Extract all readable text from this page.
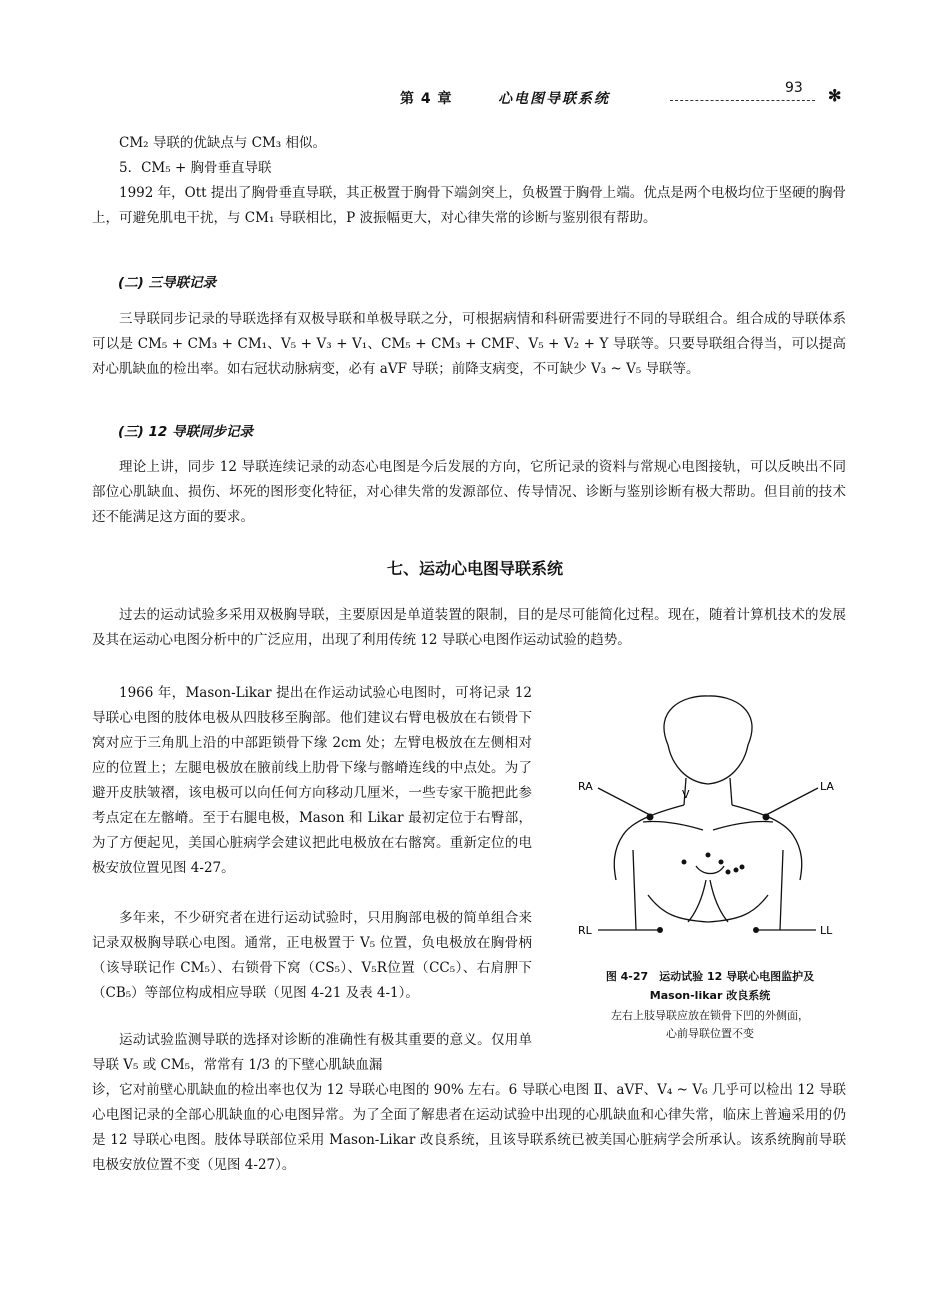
第 4 章	心电图导联系统
93 ✻

CM₂ 导联的优缺点与 CM₃ 相似。

5．CM₅ + 胸骨垂直导联

1992 年，Ott 提出了胸骨垂直导联，其正极置于胸骨下端剑突上，负极置于胸骨上端。优点是两个电极均位于坚硬的胸骨上，可避免肌电干扰，与 CM₁ 导联相比，P 波振幅更大，对心律失常的诊断与鉴别很有帮助。

(二) 三导联记录

三导联同步记录的导联选择有双极导联和单极导联之分，可根据病情和科研需要进行不同的导联组合。组合成的导联体系可以是 CM₅ + CM₃ + CM₁、V₅ + V₃ + V₁、CM₅ + CM₃ + CMF、V₅ + V₂ + Y 导联等。只要导联组合得当，可以提高对心肌缺血的检出率。如右冠状动脉病变，必有 aVF 导联；前降支病变，不可缺少 V₃ ~ V₅ 导联等。

(三) 12 导联同步记录

理论上讲，同步 12 导联连续记录的动态心电图是今后发展的方向，它所记录的资料与常规心电图接轨，可以反映出不同部位心肌缺血、损伤、坏死的图形变化特征，对心律失常的发源部位、传导情况、诊断与鉴别诊断有极大帮助。但目前的技术还不能满足这方面的要求。

七、运动心电图导联系统

过去的运动试验多采用双极胸导联，主要原因是单道装置的限制，目的是尽可能简化过程。现在，随着计算机技术的发展及其在运动心电图分析中的广泛应用，出现了利用传统 12 导联心电图作运动试验的趋势。

1966 年，Mason-Likar 提出在作运动试验心电图时，可将记录 12 导联心电图的肢体电极从四肢移至胸部。他们建议右臂电极放在右锁骨下窝对应于三角肌上沿的中部距锁骨下缘 2cm 处；左臂电极放在左侧相对应的位置上；左腿电极放在腋前线上肋骨下缘与髂嵴连线的中点处。为了避开皮肤皱褶，该电极可以向任何方向移动几厘米，一些专家干脆把此参考点定在左髂嵴。至于右腿电极，Mason 和 Likar 最初定位于右臀部，为了方便起见，美国心脏病学会建议把此电极放在右髂窝。重新定位的电极安放位置见图 4-27。

多年来，不少研究者在进行运动试验时，只用胸部电极的简单组合来记录双极胸导联心电图。通常，正电极置于 V₅ 位置，负电极放在胸骨柄（该导联记作 CM₅）、右锁骨下窝（CS₅）、V₅R位置（CC₅）、右肩胛下（CB₅）等部位构成相应导联（见图 4-21 及表 4-1）。

运动试验监测导联的选择对诊断的准确性有极其重要的意义。仅用单导联 V₅ 或 CM₅，常常有 1/3 的下壁心肌缺血漏

诊，它对前壁心肌缺血的检出率也仅为 12 导联心电图的 90% 左右。6 导联心电图 Ⅱ、aVF、V₄ ~ V₆ 几乎可以检出 12 导联心电图记录的全部心肌缺血的心电图异常。为了全面了解患者在运动试验中出现的心肌缺血和心律失常，临床上普遍采用的仍是 12 导联心电图。肢体导联部位采用 Mason-Likar 改良系统，且该导联系统已被美国心脏病学会所承认。该系统胸前导联电极安放位置不变（见图 4-27）。

RA	LA
RL	LL
V
图 4-27　运动试验 12 导联心电图监护及
Mason-likar 改良系统
左右上肢导联应放在锁骨下凹的外侧面，
心前导联位置不变
